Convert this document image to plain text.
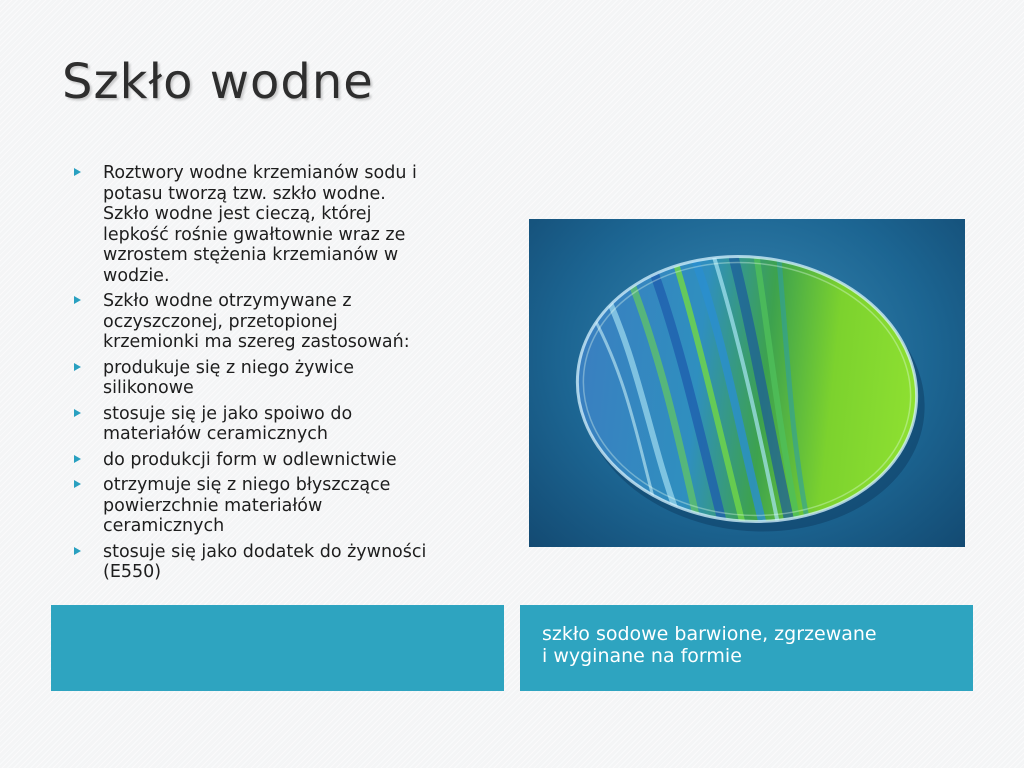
Szkło wodne
Roztwory wodne krzemianów sodu i
potasu tworzą tzw. szkło wodne.
Szkło wodne jest cieczą, której
lepkość rośnie gwałtownie wraz ze
wzrostem stężenia krzemianów w
wodzie.
Szkło wodne otrzymywane z
oczyszczonej, przetopionej
krzemionki ma szereg zastosowań:
produkuje się z niego żywice
silikonowe
stosuje się je jako spoiwo do
materiałów ceramicznych
do produkcji form w odlewnictwie
otrzymuje się z niego błyszczące
powierzchnie materiałów
ceramicznych
stosuje się jako dodatek do żywności
(E550)
szkło sodowe barwione, zgrzewane
i wyginane na formie
